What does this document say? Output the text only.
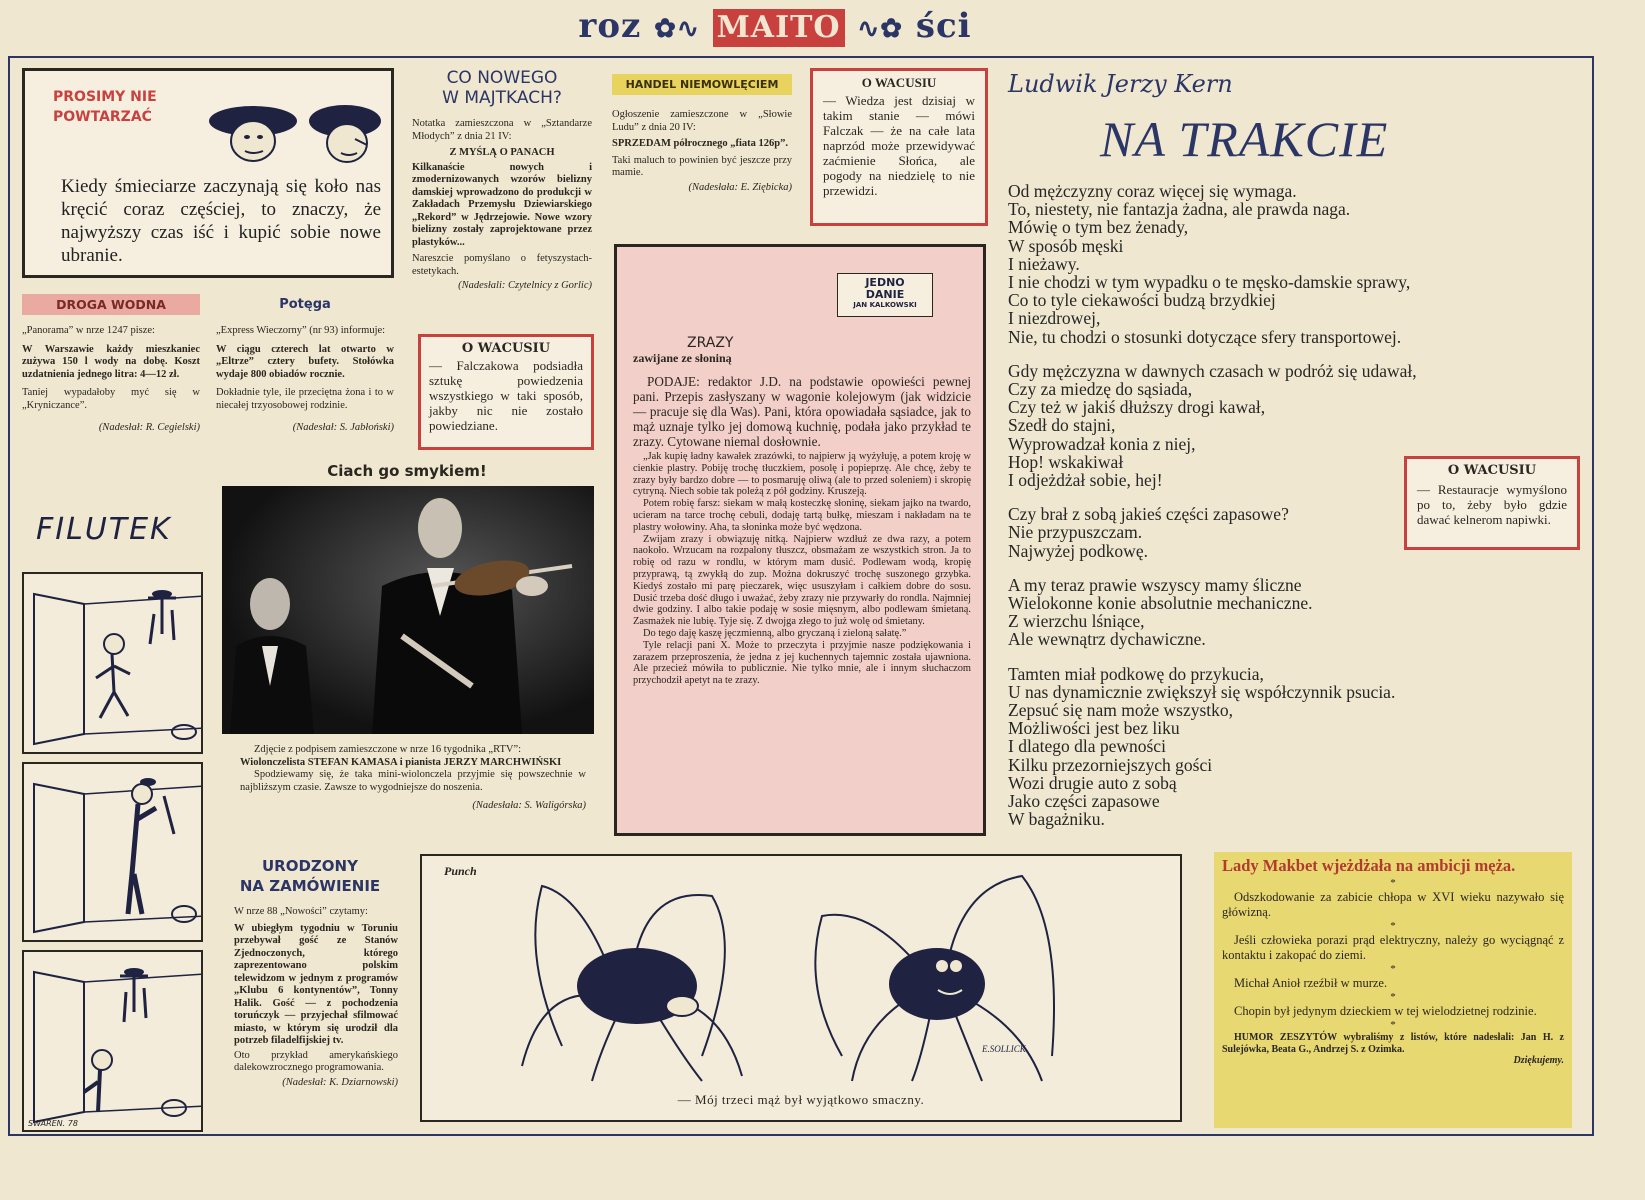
roz ✿∿ MAITO ∿✿ ści
PROSIMY NIE
POWTARZAĆ
Kiedy śmieciarze zaczynają się koło nas kręcić coraz częściej, to znaczy, że najwyższy czas iść i kupić sobie nowe ubranie.
DROGA WODNA
„Panorama” w nrze 1247 pisze:
W Warszawie każdy mieszkaniec zużywa 150 l wody na dobę. Koszt uzdatnienia jednego litra: 4—12 zł.
Taniej wypadałoby myć się w „Kryniczance”.
(Nadesłał: R. Cegielski)
Potęga
„Express Wieczorny” (nr 93) informuje:
W ciągu czterech lat otwarto w „Eltrze” cztery bufety. Stołówka wydaje 800 obiadów rocznie.
Dokładnie tyle, ile przeciętna żona i to w niecałej trzyosobowej rodzinie.
(Nadesłał: S. Jabłoński)
CO NOWEGO
W MAJTKACH?
Notatka zamieszczona w „Sztandarze Młodych” z dnia 21 IV:
Z MYŚLĄ O PANACH
Kilkanaście nowych i zmodernizowanych wzorów bielizny damskiej wprowadzono do produkcji w Zakładach Przemysłu Dziewiarskiego „Rekord” w Jędrzejowie. Nowe wzory bielizny zostały zaprojektowane przez plastyków...
Nareszcie pomyślano o fetyszystach-estetykach.
(Nadesłali: Czytelnicy z Gorlic)
O WACUSIU
— Falczakowa podsiadła sztukę powiedzenia wszystkiego w taki sposób, jakby nic nie zostało powiedziane.
HANDEL NIEMOWLĘCIEM
Ogłoszenie zamieszczone w „Słowie Ludu” z dnia 20 IV:
SPRZEDAM półrocznego „fiata 126p”.
Taki maluch to powinien być jeszcze przy mamie.
(Nadesłała: E. Ziębicka)
O WACUSIU
— Wiedza jest dzisiaj w takim stanie — mówi Falczak — że na całe lata naprzód może przewidywać zaćmienie Słońca, ale pogody na niedzielę to nie przewidzi.
JEDNO
DANIE
JAN KALKOWSKI
ZRAZY
zawijane ze słoniną
PODAJE: redaktor J.D. na podstawie opowieści pewnej pani. Przepis zasłyszany w wagonie kolejowym (jak widzicie — pracuje się dla Was). Pani, która opowiadała sąsiadce, jak to mąż uznaje tylko jej domową kuchnię, podała jako przykład te zrazy. Cytowane niemal dosłownie.
„Jak kupię ładny kawałek zrazówki, to najpierw ją wyżyłuję, a potem kroję w cienkie plastry. Pobiję trochę tłuczkiem, posolę i popieprzę. Ale chcę, żeby te zrazy były bardzo dobre — to posmaruję oliwą (ale to przed soleniem) i skropię cytryną. Niech sobie tak poleżą z pół godziny. Kruszeją.
Potem robię farsz: siekam w małą kosteczkę słoninę, siekam jajko na twardo, ucieram na tarce trochę cebuli, dodaję tartą bułkę, mieszam i nakładam na te plastry wołowiny. Aha, ta słoninka może być wędzona.
Zwijam zrazy i obwiązuję nitką. Najpierw wzdłuż ze dwa razy, a potem naokoło. Wrzucam na rozpalony tłuszcz, obsmażam ze wszystkich stron. Ja to robię od razu w rondlu, w którym mam dusić. Podlewam wodą, kropię przyprawą, tą zwykłą do zup. Można dokruszyć trochę suszonego grzybka. Kiedyś zostało mi parę pieczarek, więc ususzyłam i całkiem dobre do sosu. Dusić trzeba dość długo i uważać, żeby zrazy nie przywarły do rondla. Najmniej dwie godziny. I albo takie podaję w sosie mięsnym, albo podlewam śmietaną. Zasmażek nie lubię. Tyje się. Z dwojga złego to już wolę od śmietany.
Do tego daję kaszę jęczmienną, albo gryczaną i zieloną sałatę.”
Tyle relacji pani X. Może to przeczyta i przyjmie nasze podziękowania i zarazem przeproszenia, że jedna z jej kuchennych tajemnic została ujawniona. Ale przecież mówiła to publicznie. Nie tylko mnie, ale i innym słuchaczom przychodził apetyt na te zrazy.
Ciach go smykiem!
Zdjęcie z podpisem zamieszczone w nrze 16 tygodnika „RTV”:
Wiolonczelista STEFAN KAMASA i pianista JERZY MARCHWIŃSKI
Spodziewamy się, że taka mini-wiolonczela przyjmie się powszechnie w najbliższym czasie. Zawsze to wygodniejsze do noszenia.
(Nadesłała: S. Waligórska)
Ludwik Jerzy Kern
NA TRAKCIE
Od mężczyzny coraz więcej się wymaga.
To, niestety, nie fantazja żadna, ale prawda naga.
Mówię o tym bez żenady,
W sposób męski
I nieżawy.
I nie chodzi w tym wypadku o te męsko-damskie sprawy,
Co to tyle ciekawości budzą brzydkiej
I niezdrowej,
Nie, tu chodzi o stosunki dotyczące sfery transportowej.
Gdy mężczyzna w dawnych czasach w podróż się udawał,
Czy za miedzę do sąsiada,
Czy też w jakiś dłuższy drogi kawał,
Szedł do stajni,
Wyprowadzał konia z niej,
Hop! wskakiwał
I odjeżdżał sobie, hej!
Czy brał z sobą jakieś części zapasowe?
Nie przypuszczam.
Najwyżej podkowę.
A my teraz prawie wszyscy mamy śliczne
Wielokonne konie absolutnie mechaniczne.
Z wierzchu lśniące,
Ale wewnątrz dychawiczne.
Tamten miał podkowę do przykucia,
U nas dynamicznie zwiększył się współczynnik psucia.
Zepsuć się nam może wszystko,
Możliwości jest bez liku
I dlatego dla pewności
Kilku przezorniejszych gości
Wozi drugie auto z sobą
Jako części zapasowe
W bagażniku.
O WACUSIU
— Restauracje wymyślono po to, żeby było gdzie dawać kelnerom napiwki.
FILUTEK
SWAREN. 78
URODZONY
NA ZAMÓWIENIE
W nrze 88 „Nowości” czytamy:
W ubiegłym tygodniu w Toruniu przebywał gość ze Stanów Zjednoczonych, którego zaprezentowano polskim telewidzom w jednym z programów „Klubu 6 kontynentów”, Tonny Halik. Gość — z pochodzenia toruńczyk — przyjechał sfilmować miasto, w którym się urodził dla potrzeb filadelfijskiej tv.
Oto przykład amerykańskiego dalekowzrocznego programowania.
(Nadesłał: K. Dziarnowski)
Punch
E.SOLLICK
— Mój trzeci mąż był wyjątkowo smaczny.
Lady Makbet wjeżdżała na ambicji męża.
*
Odszkodowanie za zabicie chłopa w XVI wieku nazywało się główizną.
*
Jeśli człowieka porazi prąd elektryczny, należy go wyciągnąć z kontaktu i zakopać do ziemi.
*
Michał Anioł rzeźbił w murze.
*
Chopin był jedynym dzieckiem w tej wielodzietnej rodzinie.
*
HUMOR ZESZYTÓW wybraliśmy z listów, które nadesłali: Jan H. z Sulejówka, Beata G., Andrzej S. z Ozimka.
Dziękujemy.
